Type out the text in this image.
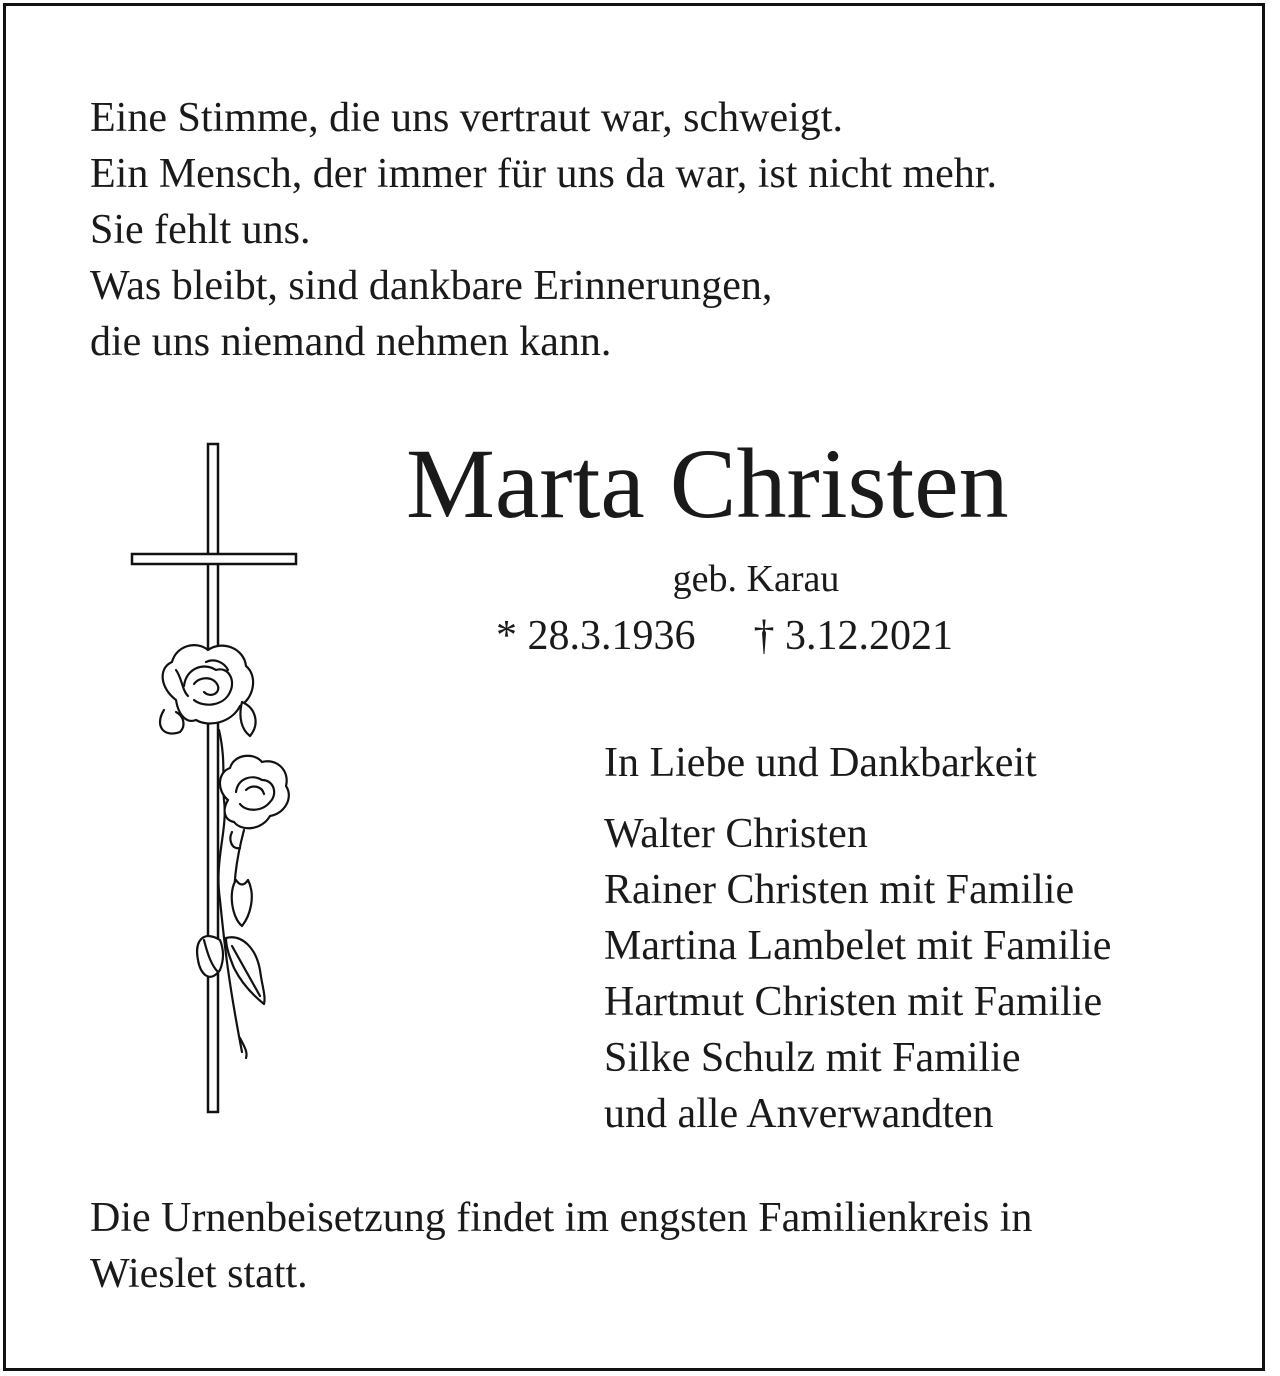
Eine Stimme, die uns vertraut war, schweigt.
Ein Mensch, der immer für uns da war, ist nicht mehr.
Sie fehlt uns.
Was bleibt, sind dankbare Erinnerungen,
die uns niemand nehmen kann.
Marta Christen
geb. Karau
* 28.3.1936 † 3.12.2021
In Liebe und Dankbarkeit
Walter Christen
Rainer Christen mit Familie
Martina Lambelet mit Familie
Hartmut Christen mit Familie
Silke Schulz mit Familie
und alle Anverwandten
Die Urnenbeisetzung findet im engsten Familienkreis in
Wieslet statt.
